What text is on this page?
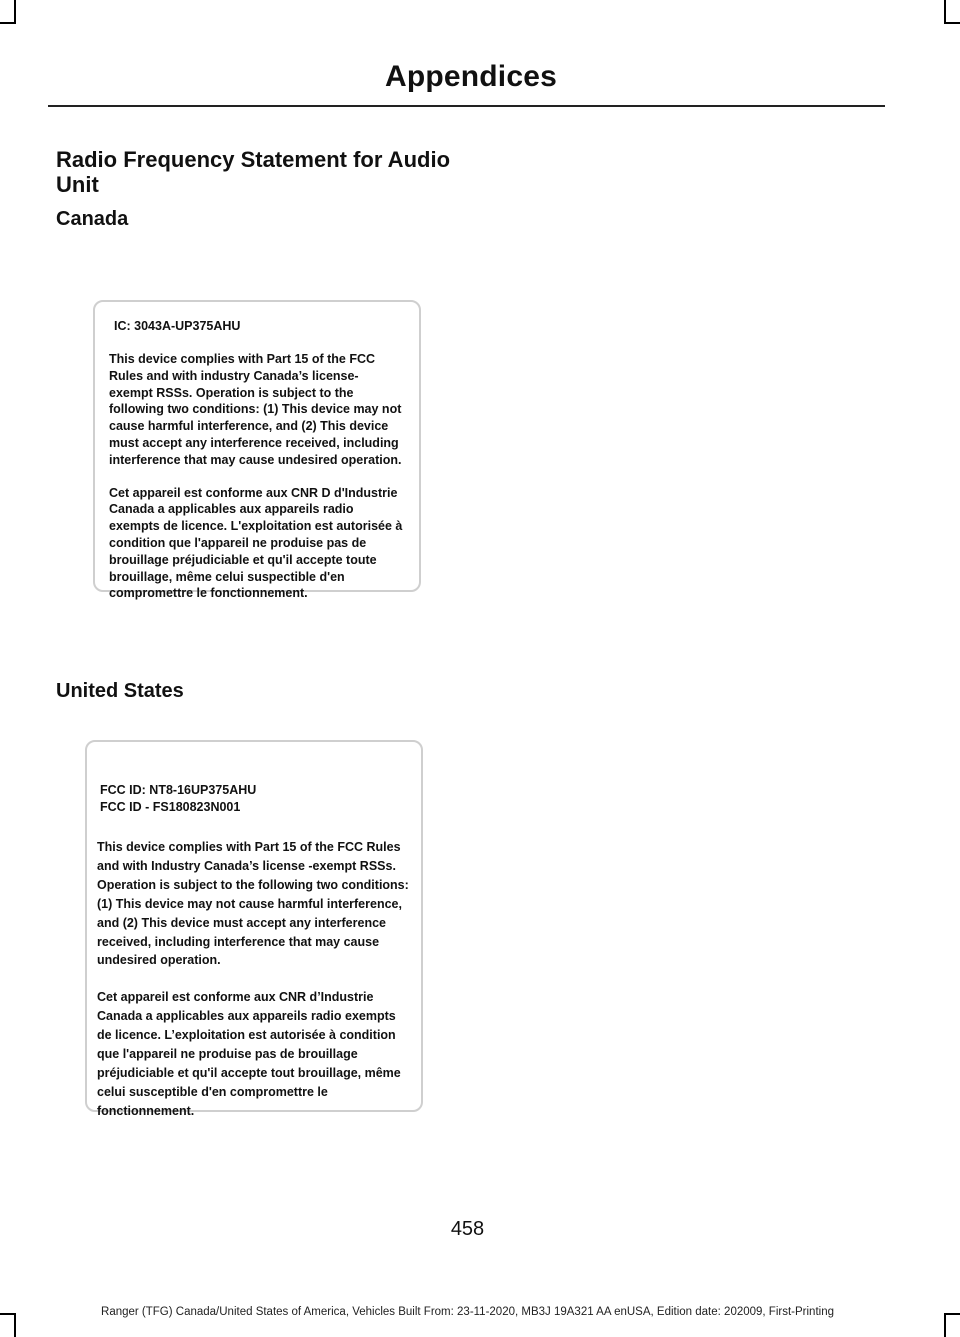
Appendices
Radio Frequency Statement for Audio Unit
Canada

IC: 3043A-UP375AHU

This device complies with Part 15 of the FCC Rules and with industry Canada’s license- exempt RSSs. Operation is subject to the following two conditions: (1) This device may not cause harmful interference, and (2) This device must accept any interference received, including interference that may cause undesired operation.

Cet appareil est conforme aux CNR D d'Industrie Canada a applicables aux appareils radio exempts de licence. L'exploitation est autorisée à condition que l'appareil ne produise pas de brouillage préjudiciable et qu'il accepte toute brouillage, même celui suspectible d'en compromettre le fonctionnement.

United States

FCC ID: NT8-16UP375AHU

FCC ID - FS180823N001

This device complies with Part 15 of the FCC Rules and with Industry Canada’s license -exempt RSSs. Operation is subject to the following two conditions: (1) This device may not cause harmful interference, and (2) This device must accept any interference received, including interference that may cause undesired operation.

Cet appareil est conforme aux CNR d’Industrie Canada a applicables aux appareils radio exempts de licence. L’exploitation est autorisée à condition que l'appareil ne produise pas de brouillage préjudiciable et qu'il accepte tout brouillage, même celui susceptible d'en compromettre le fonctionnement.

458
Ranger (TFG) Canada/United States of America, Vehicles Built From: 23-11-2020, MB3J 19A321 AA enUSA, Edition date: 202009, First-Printing
